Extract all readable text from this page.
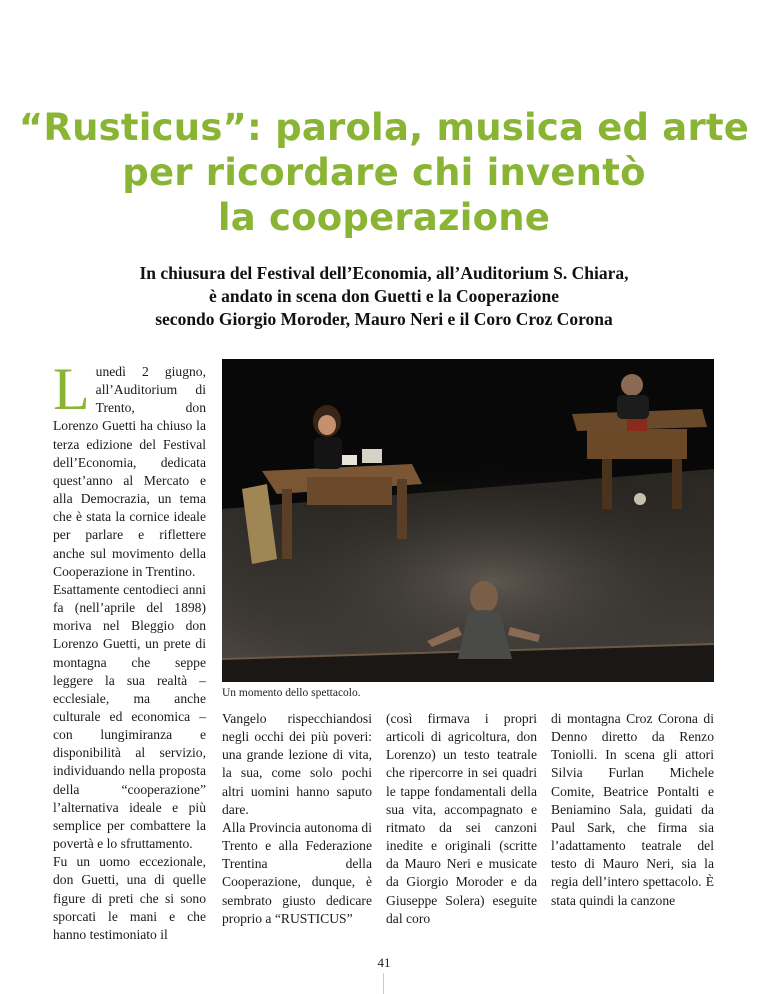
“Rusticus”: parola, musica ed arte
per ricordare chi inventò
la cooperazione
In chiusura del Festival dell’Economia, all’Auditorium S. Chiara,
è andato in scena don Guetti e la Cooperazione
secondo Giorgio Moroder, Mauro Neri e il Coro Croz Corona
L unedì 2 giugno, all’Auditorium di Trento, don Lorenzo Guetti ha chiuso la terza edizione del Festival dell’Economia, dedicata quest’anno al Mercato e alla Democrazia, un tema che è stata la cornice ideale per parlare e riflettere anche sul movimento della Cooperazione in Trentino.

Esattamente centodieci anni fa (nell’aprile del 1898) moriva nel Bleggio don Lorenzo Guetti, un prete di montagna che seppe leggere la sua realtà – ecclesiale, ma anche culturale ed economica – con lungimiranza e disponibilità al servizio, individuando nella proposta della “cooperazione” l’alternativa ideale e più semplice per combattere la povertà e lo sfruttamento.

Fu un uomo eccezionale, don Guetti, una di quelle figure di preti che si sono sporcati le mani e che hanno testimoniato il

Un momento dello spettacolo.

Vangelo rispecchiandosi negli occhi dei più poveri: una grande lezione di vita, la sua, come solo pochi altri uomini hanno saputo dare.

Alla Provincia autonoma di Trento e alla Federazione Trentina della Cooperazione, dunque, è sembrato giusto dedicare proprio a “RUSTICUS”

(così firmava i propri articoli di agricoltura, don Lorenzo) un testo teatrale che ripercorre in sei quadri le tappe fondamentali della sua vita, accompagnato e ritmato da sei canzoni inedite e originali (scritte da Mauro Neri e musicate da Giorgio Moroder e da Giuseppe Solera) eseguite dal coro

di montagna Croz Corona di Denno diretto da Renzo Toniolli. In scena gli attori Silvia Furlan Michele Comite, Beatrice Pontalti e Beniamino Sala, guidati da Paul Sark, che firma sia l’adattamento teatrale del testo di Mauro Neri, sia la regia dell’intero spettacolo. È stata quindi la canzone

41
